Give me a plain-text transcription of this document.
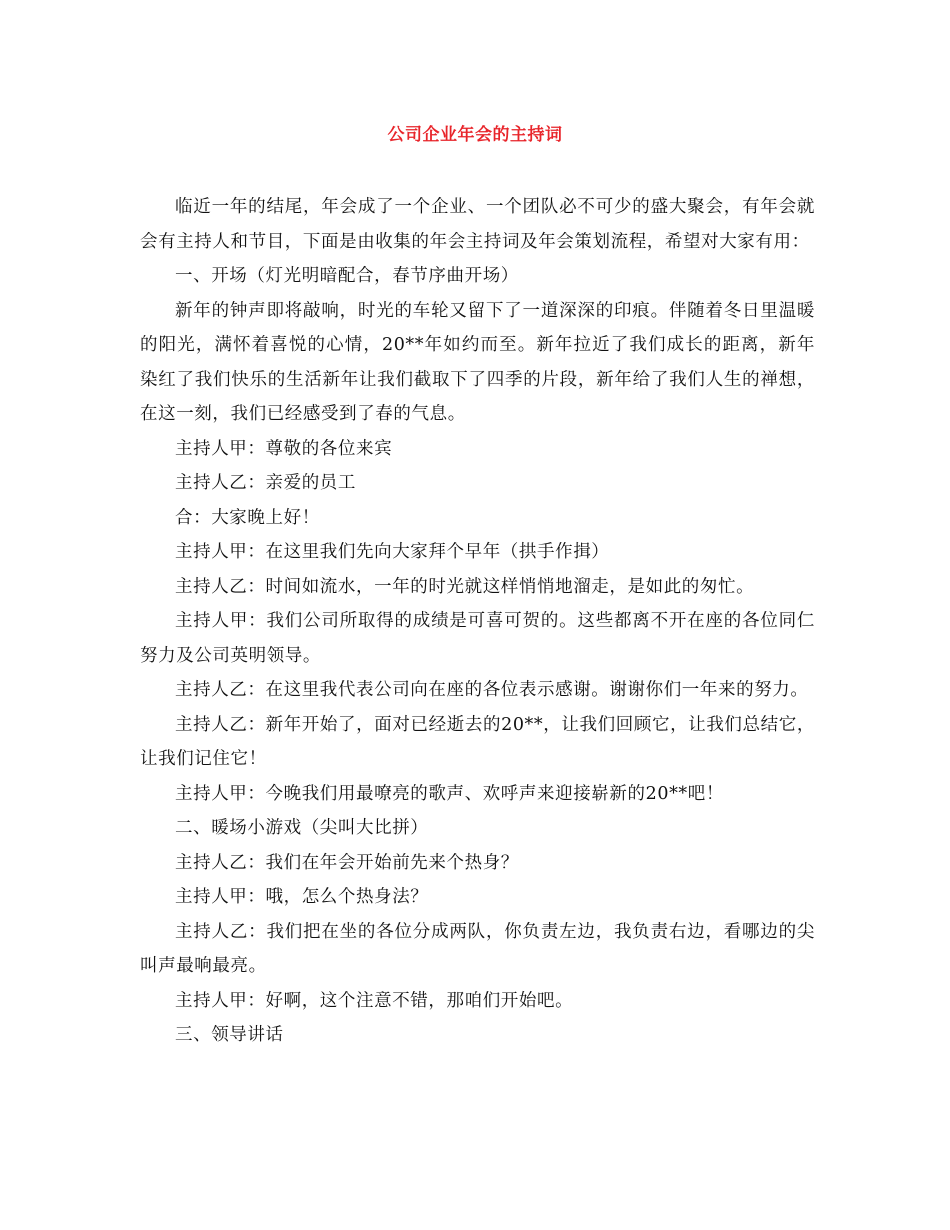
公司企业年会的主持词

临近一年的结尾，年会成了一个企业、一个团队必不可少的盛大聚会，有年会就会有主持人和节目，下面是由收集的年会主持词及年会策划流程，希望对大家有用：

一、开场（灯光明暗配合，春节序曲开场）

新年的钟声即将敲响，时光的车轮又留下了一道深深的印痕。伴随着冬日里温暖的阳光，满怀着喜悦的心情，20**年如约而至。新年拉近了我们成长的距离，新年染红了我们快乐的生活新年让我们截取下了四季的片段，新年给了我们人生的禅想，在这一刻，我们已经感受到了春的气息。

主持人甲：尊敬的各位来宾

主持人乙：亲爱的员工

合：大家晚上好！

主持人甲：在这里我们先向大家拜个早年（拱手作揖）

主持人乙：时间如流水，一年的时光就这样悄悄地溜走，是如此的匆忙。

主持人甲：我们公司所取得的成绩是可喜可贺的。这些都离不开在座的各位同仁努力及公司英明领导。

主持人乙：在这里我代表公司向在座的各位表示感谢。谢谢你们一年来的努力。

主持人乙：新年开始了，面对已经逝去的20**，让我们回顾它，让我们总结它，让我们记住它！

主持人甲：今晚我们用最嘹亮的歌声、欢呼声来迎接崭新的20**吧！

二、暖场小游戏（尖叫大比拼）

主持人乙：我们在年会开始前先来个热身？

主持人甲：哦，怎么个热身法？

主持人乙：我们把在坐的各位分成两队，你负责左边，我负责右边，看哪边的尖叫声最响最亮。

主持人甲：好啊，这个注意不错，那咱们开始吧。

三、领导讲话
